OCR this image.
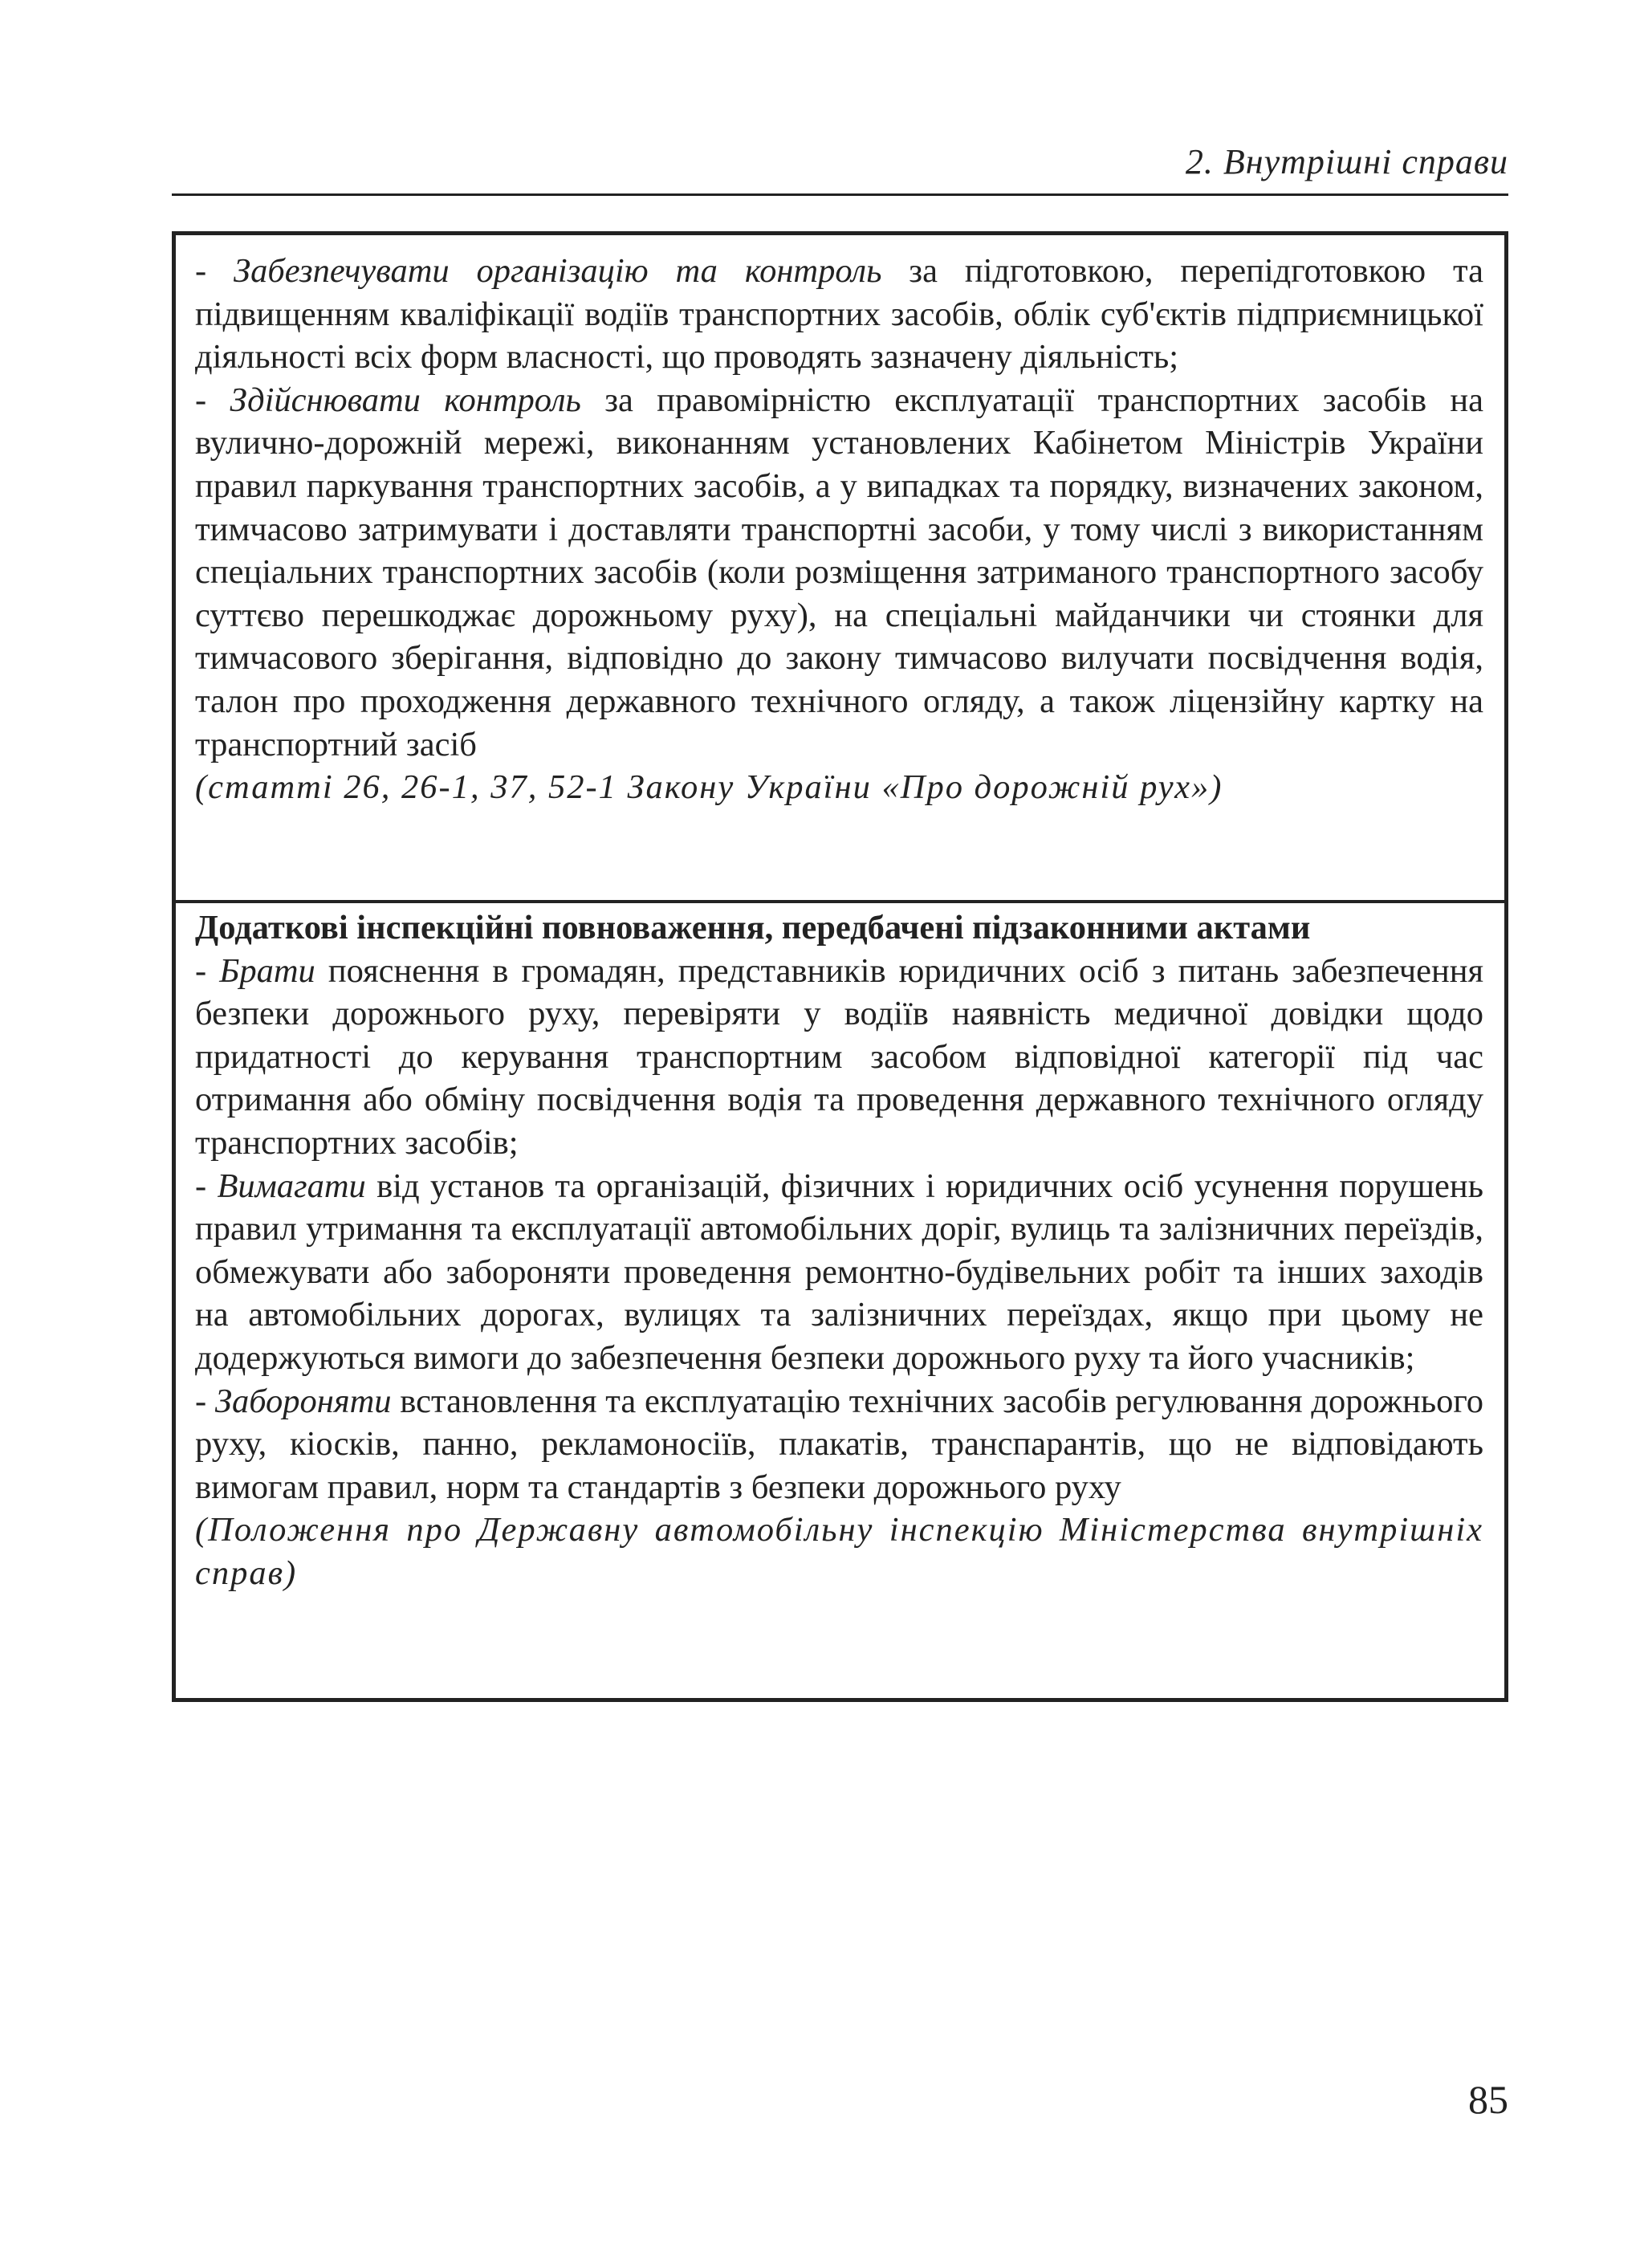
2. Внутрішні справи

- Забезпечувати організацію та контроль за підготовкою, перепідготовкою та підвищенням кваліфікації водіїв транспортних засобів, облік суб'єктів підприємницької діяльності всіх форм власності, що проводять зазначену діяльність;

- Здійснювати контроль за правомірністю експлуатації транспортних засобів на вулично-дорожній мережі, виконанням установлених Кабінетом Міністрів України правил паркування транспортних засобів, а у випадках та порядку, визначених законом, тимчасово затримувати і доставляти транспортні засоби, у тому числі з використанням спеціальних транспортних засобів (коли розміщення затриманого транспортного засобу суттєво перешкоджає дорожньому руху), на спеціальні майданчики чи стоянки для тимчасового зберігання, відповідно до закону тимчасово вилучати посвідчення водія, талон про проходження державного технічного огляду, а також ліцензійну картку на транспортний засіб

(статті 26, 26-1, 37, 52-1 Закону України «Про дорожній рух»)

Додаткові інспекційні повноваження, передбачені підзаконними актами

- Брати пояснення в громадян, представників юридичних осіб з питань забезпечення безпеки дорожнього руху, перевіряти у водіїв наявність медичної довідки щодо придатності до керування транспортним засобом відповідної категорії під час отримання або обміну посвідчення водія та проведення державного технічного огляду транспортних засобів;

- Вимагати від установ та організацій, фізичних і юридичних осіб усунення порушень правил утримання та експлуатації автомобільних доріг, вулиць та залізничних переїздів, обмежувати або забороняти проведення ремонтно-будівельних робіт та інших заходів на автомобільних дорогах, вулицях та залізничних переїздах, якщо при цьому не додержуються вимоги до забезпечення безпеки дорожнього руху та його учасників;

- Забороняти встановлення та експлуатацію технічних засобів регулювання дорожнього руху, кіосків, панно, рекламоносіїв, плакатів, транспарантів, що не відповідають вимогам правил, норм та стандартів з безпеки дорожнього руху

(Положення про Державну автомобільну інспекцію Міністерства внутрішніх справ)

85
